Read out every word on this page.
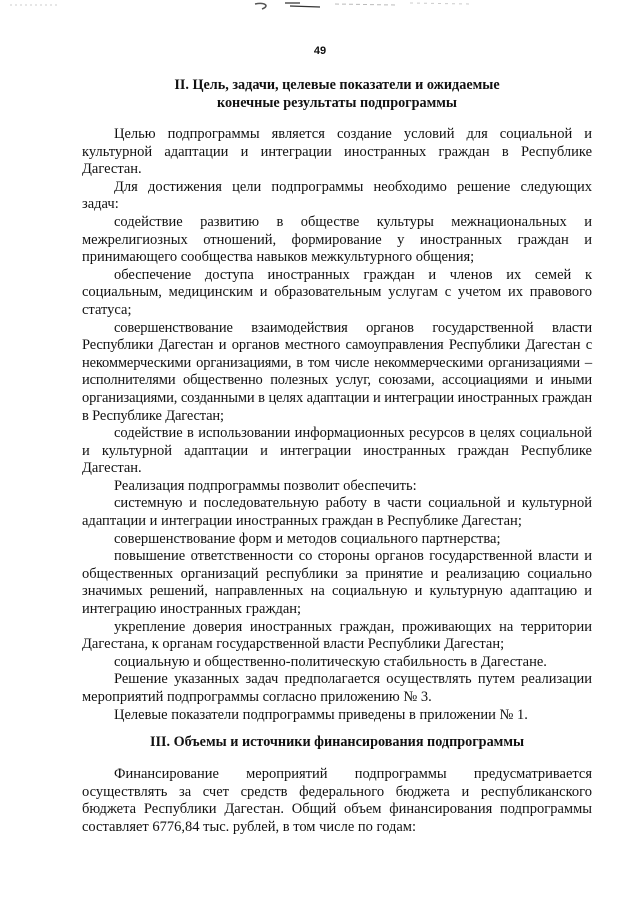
49
II. Цель, задачи, целевые показатели и ожидаемые
конечные результаты подпрограммы

Целью подпрограммы является создание условий для социальной и культурной адаптации и интеграции иностранных граждан в Республике Дагестан.

Для достижения цели подпрограммы необходимо решение следующих задач:

содействие развитию в обществе культуры межнациональных и межрелигиозных отношений, формирование у иностранных граждан и принимающего сообщества навыков межкультурного общения;

обеспечение доступа иностранных граждан и членов их семей к социальным, медицинским и образовательным услугам с учетом их правового статуса;

совершенствование взаимодействия органов государственной власти Республики Дагестан и органов местного самоуправления Республики Дагестан с некоммерческими организациями, в том числе некоммерческими организациями – исполнителями общественно полезных услуг, союзами, ассоциациями и иными организациями, созданными в целях адаптации и интеграции иностранных граждан в Республике Дагестан;

содействие в использовании информационных ресурсов в целях социальной и культурной адаптации и интеграции иностранных граждан Республике Дагестан.

Реализация подпрограммы позволит обеспечить:

системную и последовательную работу в части социальной и культурной адаптации и интеграции иностранных граждан в Республике Дагестан;

совершенствование форм и методов социального партнерства;

повышение ответственности со стороны органов государственной власти и общественных организаций республики за принятие и реализацию социально значимых решений, направленных на социальную и культурную адаптацию и интеграцию иностранных граждан;

укрепление доверия иностранных граждан, проживающих на территории Дагестана, к органам государственной власти Республики Дагестан;

социальную и общественно-политическую стабильность в Дагестане.

Решение указанных задач предполагается осуществлять путем реализации мероприятий подпрограммы согласно приложению № 3.

Целевые показатели подпрограммы приведены в приложении № 1.

III. Объемы и источники финансирования подпрограммы

Финансирование мероприятий подпрограммы предусматривается осуществлять за счет средств федерального бюджета и республиканского бюджета Республики Дагестан. Общий объем финансирования подпрограммы составляет 6776,84 тыс. рублей, в том числе по годам:
